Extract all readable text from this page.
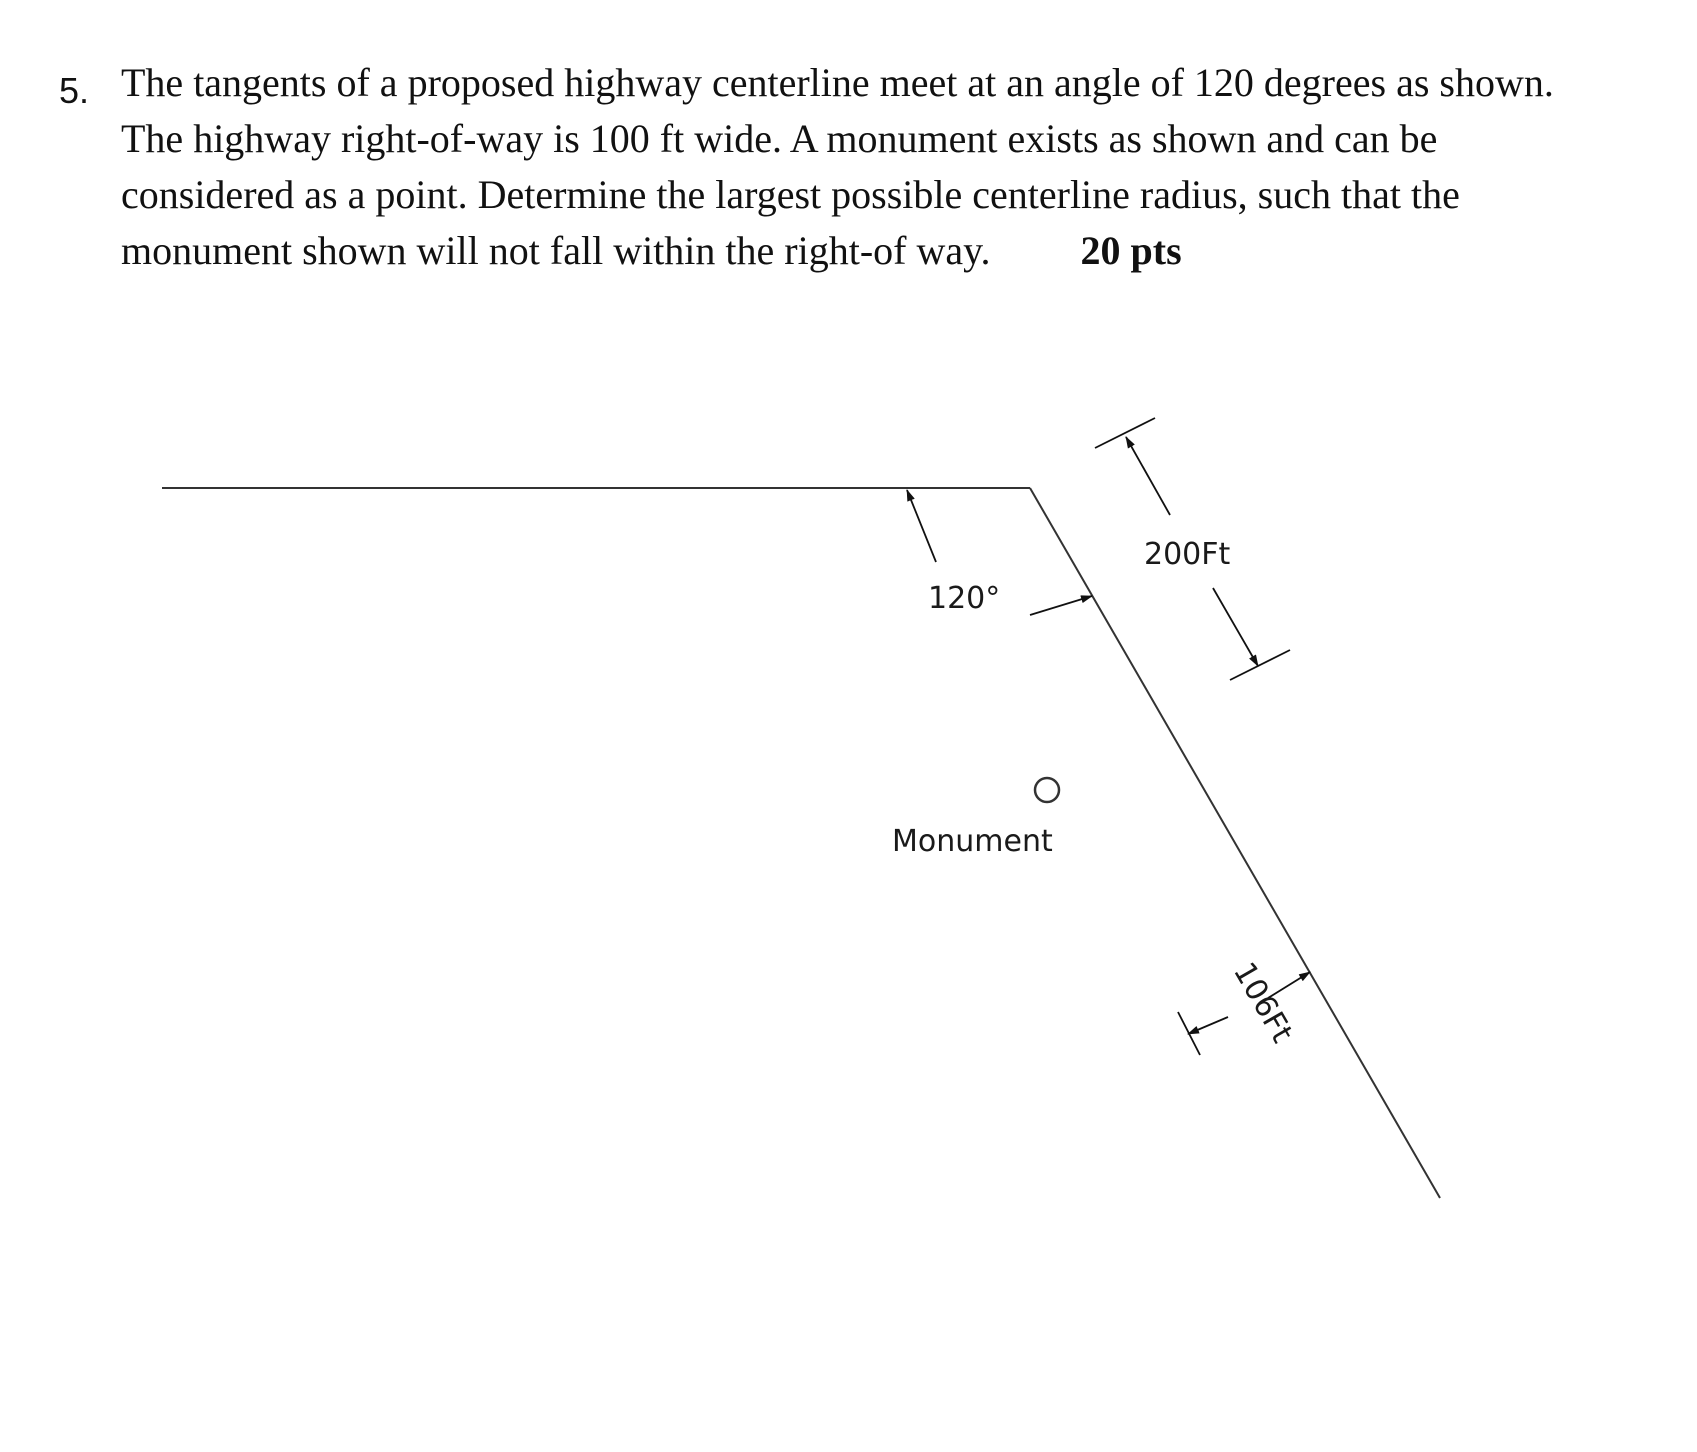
5. The tangents of a proposed highway centerline meet at an angle of 120 degrees as shown.
The highway right-of-way is 100 ft wide. A monument exists as shown and can be
considered as a point. Determine the largest possible centerline radius, such that the
monument shown will not fall within the right-of way. 20 pts
120°
200Ft
Monument
106Ft
